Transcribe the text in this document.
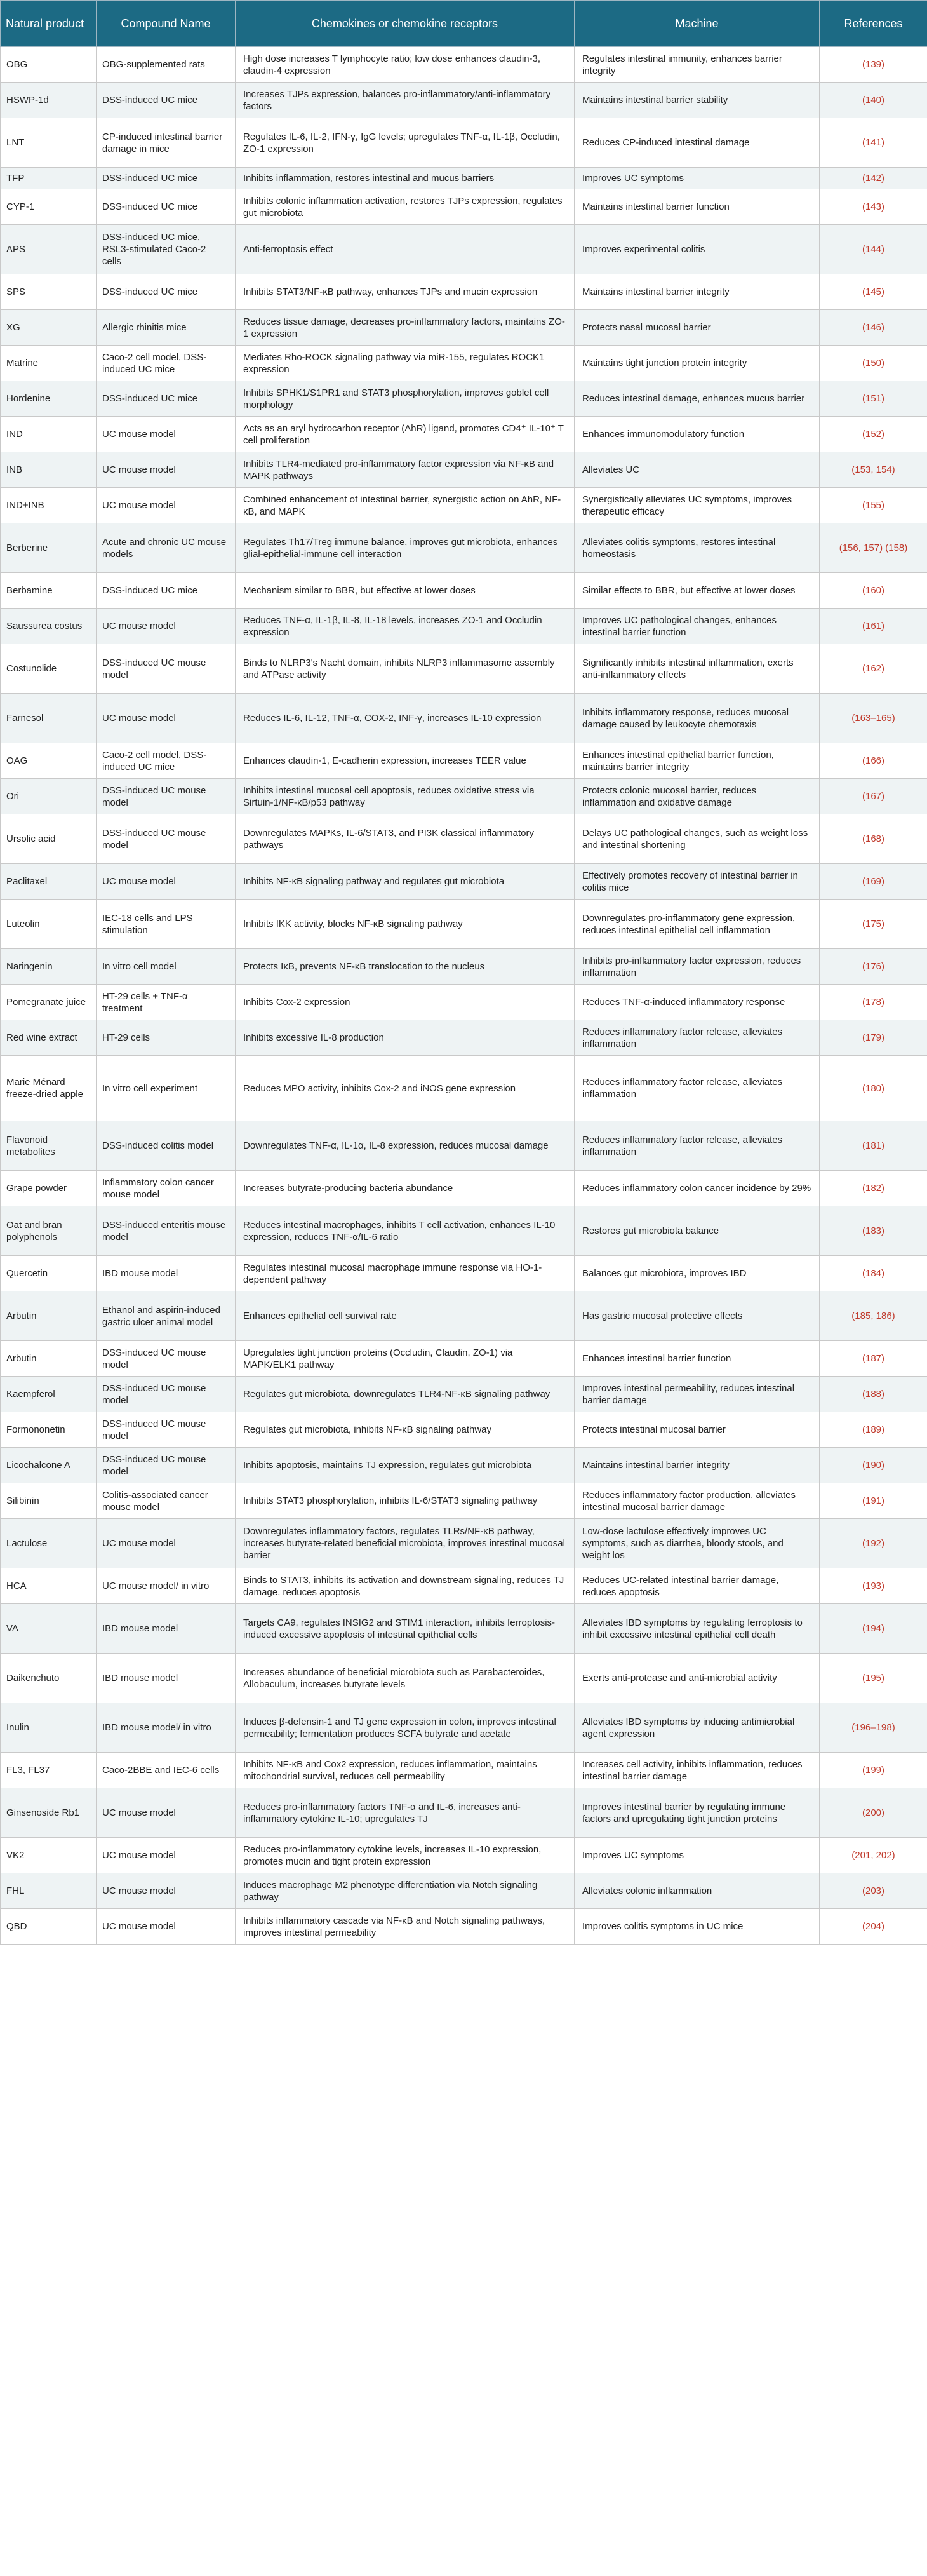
Natural product	Compound Name	Chemokines or chemokine receptors	Machine	References
OBG	OBG-supplemented rats	High dose increases T lymphocyte ratio; low dose enhances claudin-3, claudin-4 expression	Regulates intestinal immunity, enhances barrier integrity	(139)
HSWP-1d	DSS-induced UC mice	Increases TJPs expression, balances pro-inflammatory/anti-inflammatory factors	Maintains intestinal barrier stability	(140)
LNT	CP-induced intestinal barrier damage in mice	Regulates IL-6, IL-2, IFN-γ, IgG levels; upregulates TNF-α, IL-1β, Occludin, ZO-1 expression	Reduces CP-induced intestinal damage	(141)
TFP	DSS-induced UC mice	Inhibits inflammation, restores intestinal and mucus barriers	Improves UC symptoms	(142)
CYP-1	DSS-induced UC mice	Inhibits colonic inflammation activation, restores TJPs expression, regulates gut microbiota	Maintains intestinal barrier function	(143)
APS	DSS-induced UC mice, RSL3-stimulated Caco-2 cells	Anti-ferroptosis effect	Improves experimental colitis	(144)
SPS	DSS-induced UC mice	Inhibits STAT3/NF-κB pathway, enhances TJPs and mucin expression	Maintains intestinal barrier integrity	(145)
XG	Allergic rhinitis mice	Reduces tissue damage, decreases pro-inflammatory factors, maintains ZO-1 expression	Protects nasal mucosal barrier	(146)
Matrine	Caco-2 cell model, DSS-induced UC mice	Mediates Rho-ROCK signaling pathway via miR-155, regulates ROCK1 expression	Maintains tight junction protein integrity	(150)
Hordenine	DSS-induced UC mice	Inhibits SPHK1/S1PR1 and STAT3 phosphorylation, improves goblet cell morphology	Reduces intestinal damage, enhances mucus barrier	(151)
IND	UC mouse model	Acts as an aryl hydrocarbon receptor (AhR) ligand, promotes CD4⁺ IL-10⁺ T cell proliferation	Enhances immunomodulatory function	(152)
INB	UC mouse model	Inhibits TLR4-mediated pro-inflammatory factor expression via NF-κB and MAPK pathways	Alleviates UC	(153, 154)
IND+INB	UC mouse model	Combined enhancement of intestinal barrier, synergistic action on AhR, NF-κB, and MAPK	Synergistically alleviates UC symptoms, improves therapeutic efficacy	(155)
Berberine	Acute and chronic UC mouse models	Regulates Th17/Treg immune balance, improves gut microbiota, enhances glial-epithelial-immune cell interaction	Alleviates colitis symptoms, restores intestinal homeostasis	(156, 157) (158)
Berbamine	DSS-induced UC mice	Mechanism similar to BBR, but effective at lower doses	Similar effects to BBR, but effective at lower doses	(160)
Saussurea costus	UC mouse model	Reduces TNF-α, IL-1β, IL-8, IL-18 levels, increases ZO-1 and Occludin expression	Improves UC pathological changes, enhances intestinal barrier function	(161)
Costunolide	DSS-induced UC mouse model	Binds to NLRP3's Nacht domain, inhibits NLRP3 inflammasome assembly and ATPase activity	Significantly inhibits intestinal inflammation, exerts anti-inflammatory effects	(162)
Farnesol	UC mouse model	Reduces IL-6, IL-12, TNF-α, COX-2, INF-γ, increases IL-10 expression	Inhibits inflammatory response, reduces mucosal damage caused by leukocyte chemotaxis	(163–165)
OAG	Caco-2 cell model, DSS-induced UC mice	Enhances claudin-1, E-cadherin expression, increases TEER value	Enhances intestinal epithelial barrier function, maintains barrier integrity	(166)
Ori	DSS-induced UC mouse model	Inhibits intestinal mucosal cell apoptosis, reduces oxidative stress via Sirtuin-1/NF-κB/p53 pathway	Protects colonic mucosal barrier, reduces inflammation and oxidative damage	(167)
Ursolic acid	DSS-induced UC mouse model	Downregulates MAPKs, IL-6/STAT3, and PI3K classical inflammatory pathways	Delays UC pathological changes, such as weight loss and intestinal shortening	(168)
Paclitaxel	UC mouse model	Inhibits NF-κB signaling pathway and regulates gut microbiota	Effectively promotes recovery of intestinal barrier in colitis mice	(169)
Luteolin	IEC-18 cells and LPS stimulation	Inhibits IKK activity, blocks NF-κB signaling pathway	Downregulates pro-inflammatory gene expression, reduces intestinal epithelial cell inflammation	(175)
Naringenin	In vitro cell model	Protects IκB, prevents NF-κB translocation to the nucleus	Inhibits pro-inflammatory factor expression, reduces inflammation	(176)
Pomegranate juice	HT-29 cells + TNF-α treatment	Inhibits Cox-2 expression	Reduces TNF-α-induced inflammatory response	(178)
Red wine extract	HT-29 cells	Inhibits excessive IL-8 production	Reduces inflammatory factor release, alleviates inflammation	(179)
Marie Ménard freeze-dried apple	In vitro cell experiment	Reduces MPO activity, inhibits Cox-2 and iNOS gene expression	Reduces inflammatory factor release, alleviates inflammation	(180)
Flavonoid metabolites	DSS-induced colitis model	Downregulates TNF-α, IL-1α, IL-8 expression, reduces mucosal damage	Reduces inflammatory factor release, alleviates inflammation	(181)
Grape powder	Inflammatory colon cancer mouse model	Increases butyrate-producing bacteria abundance	Reduces inflammatory colon cancer incidence by 29%	(182)
Oat and bran polyphenols	DSS-induced enteritis mouse model	Reduces intestinal macrophages, inhibits T cell activation, enhances IL-10 expression, reduces TNF-α/IL-6 ratio	Restores gut microbiota balance	(183)
Quercetin	IBD mouse model	Regulates intestinal mucosal macrophage immune response via HO-1-dependent pathway	Balances gut microbiota, improves IBD	(184)
Arbutin	Ethanol and aspirin-induced gastric ulcer animal model	Enhances epithelial cell survival rate	Has gastric mucosal protective effects	(185, 186)
Arbutin	DSS-induced UC mouse model	Upregulates tight junction proteins (Occludin, Claudin, ZO-1) via MAPK/ELK1 pathway	Enhances intestinal barrier function	(187)
Kaempferol	DSS-induced UC mouse model	Regulates gut microbiota, downregulates TLR4-NF-κB signaling pathway	Improves intestinal permeability, reduces intestinal barrier damage	(188)
Formononetin	DSS-induced UC mouse model	Regulates gut microbiota, inhibits NF-κB signaling pathway	Protects intestinal mucosal barrier	(189)
Licochalcone A	DSS-induced UC mouse model	Inhibits apoptosis, maintains TJ expression, regulates gut microbiota	Maintains intestinal barrier integrity	(190)
Silibinin	Colitis-associated cancer mouse model	Inhibits STAT3 phosphorylation, inhibits IL-6/STAT3 signaling pathway	Reduces inflammatory factor production, alleviates intestinal mucosal barrier damage	(191)
Lactulose	UC mouse model	Downregulates inflammatory factors, regulates TLRs/NF-κB pathway, increases butyrate-related beneficial microbiota, improves intestinal mucosal barrier	Low-dose lactulose effectively improves UC symptoms, such as diarrhea, bloody stools, and weight los	(192)
HCA	UC mouse model/ in vitro	Binds to STAT3, inhibits its activation and downstream signaling, reduces TJ damage, reduces apoptosis	Reduces UC-related intestinal barrier damage, reduces apoptosis	(193)
VA	IBD mouse model	Targets CA9, regulates INSIG2 and STIM1 interaction, inhibits ferroptosis-induced excessive apoptosis of intestinal epithelial cells	Alleviates IBD symptoms by regulating ferroptosis to inhibit excessive intestinal epithelial cell death	(194)
Daikenchuto	IBD mouse model	Increases abundance of beneficial microbiota such as Parabacteroides, Allobaculum, increases butyrate levels	Exerts anti-protease and anti-microbial activity	(195)
Inulin	IBD mouse model/ in vitro	Induces β-defensin-1 and TJ gene expression in colon, improves intestinal permeability; fermentation produces SCFA butyrate and acetate	Alleviates IBD symptoms by inducing antimicrobial agent expression	(196–198)
FL3, FL37	Caco-2BBE and IEC-6 cells	Inhibits NF-κB and Cox2 expression, reduces inflammation, maintains mitochondrial survival, reduces cell permeability	Increases cell activity, inhibits inflammation, reduces intestinal barrier damage	(199)
Ginsenoside Rb1	UC mouse model	Reduces pro-inflammatory factors TNF-α and IL-6, increases anti-inflammatory cytokine IL-10; upregulates TJ	Improves intestinal barrier by regulating immune factors and upregulating tight junction proteins	(200)
VK2	UC mouse model	Reduces pro-inflammatory cytokine levels, increases IL-10 expression, promotes mucin and tight protein expression	Improves UC symptoms	(201, 202)
FHL	UC mouse model	Induces macrophage M2 phenotype differentiation via Notch signaling pathway	Alleviates colonic inflammation	(203)
QBD	UC mouse model	Inhibits inflammatory cascade via NF-κB and Notch signaling pathways, improves intestinal permeability	Improves colitis symptoms in UC mice	(204)
